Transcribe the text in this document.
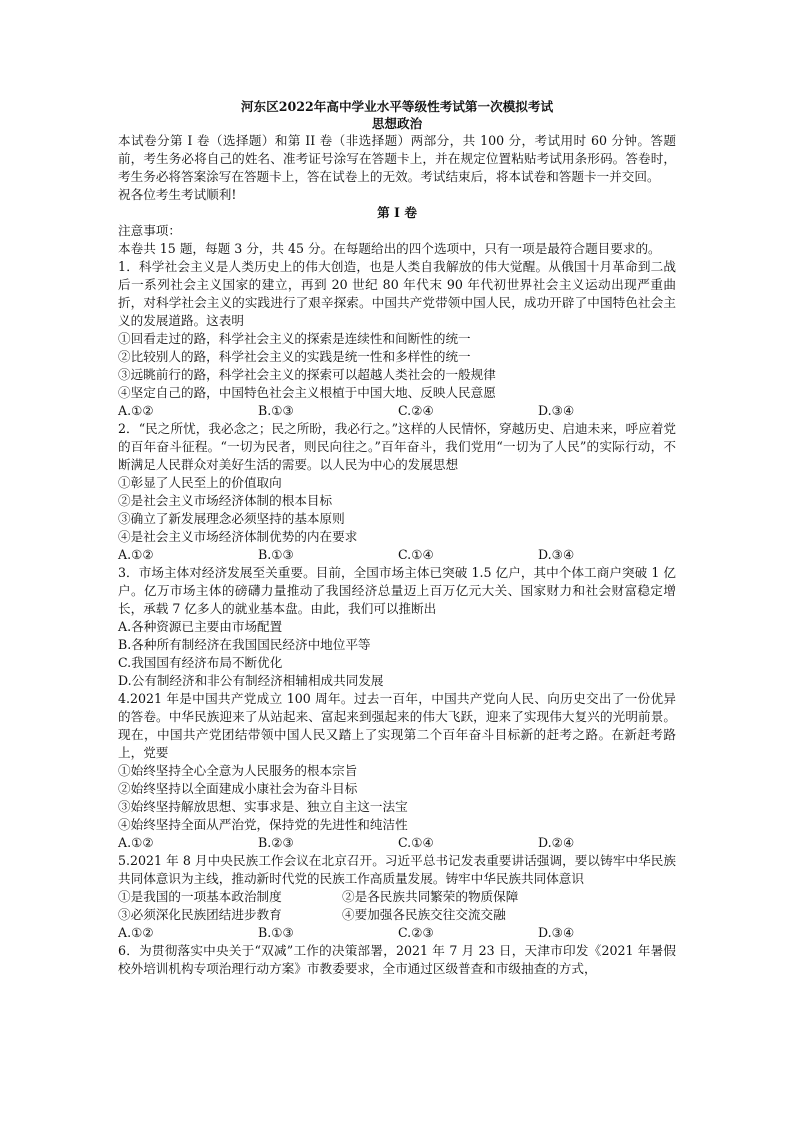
河东区2022年高中学业水平等级性考试第一次模拟考试

思想政治

本试卷分第 I 卷（选择题）和第 II 卷（非选择题）两部分，共 100 分，考试用时 60 分钟。答题前，考生务必将自己的姓名、准考证号涂写在答题卡上，并在规定位置粘贴考试用条形码。答卷时，考生务必将答案涂写在答题卡上，答在试卷上的无效。考试结束后，将本试卷和答题卡一并交回。

祝各位考生考试顺利!

第 I 卷

注意事项：

本卷共 15 题，每题 3 分，共 45 分。在每题给出的四个选项中，只有一项是最符合题目要求的。

1．科学社会主义是人类历史上的伟大创造，也是人类自我解放的伟大觉醒。从俄国十月革命到二战后一系列社会主义国家的建立，再到 20 世纪 80 年代末 90 年代初世界社会主义运动出现严重曲折，对科学社会主义的实践进行了艰辛探索。中国共产党带领中国人民，成功开辟了中国特色社会主义的发展道路。这表明

①回看走过的路，科学社会主义的探索是连续性和间断性的统一

②比较别人的路，科学社会主义的实践是统一性和多样性的统一

③远眺前行的路，科学社会主义的探索可以超越人类社会的一般规律

④坚定自己的路，中国特色社会主义根植于中国大地、反映人民意愿

A.①②	B.①③	C.②④	D.③④

2．“民之所忧，我必念之；民之所盼，我必行之。”这样的人民情怀，穿越历史、启迪未来，呼应着党的百年奋斗征程。“一切为民者，则民向往之。”百年奋斗，我们党用“一切为了人民”的实际行动，不断满足人民群众对美好生活的需要。以人民为中心的发展思想

①彰显了人民至上的价值取向

②是社会主义市场经济体制的根本目标

③确立了新发展理念必须坚持的基本原则

④是社会主义市场经济体制优势的内在要求

A.①②	B.①③	C.①④	D.③④

3．市场主体对经济发展至关重要。目前，全国市场主体已突破 1.5 亿户，其中个体工商户突破 1 亿户。亿万市场主体的磅礴力量推动了我国经济总量迈上百万亿元大关、国家财力和社会财富稳定增长，承载 7 亿多人的就业基本盘。由此，我们可以推断出

A.各种资源已主要由市场配置

B.各种所有制经济在我国国民经济中地位平等

C.我国国有经济布局不断优化

D.公有制经济和非公有制经济相辅相成共同发展

4.2021 年是中国共产党成立 100 周年。过去一百年，中国共产党向人民、向历史交出了一份优异的答卷。中华民族迎来了从站起来、富起来到强起来的伟大飞跃，迎来了实现伟大复兴的光明前景。现在，中国共产党团结带领中国人民又踏上了实现第二个百年奋斗目标新的赶考之路。在新赶考路上，党要

①始终坚持全心全意为人民服务的根本宗旨

②始终坚持以全面建成小康社会为奋斗目标

③始终坚持解放思想、实事求是、独立自主这一法宝

④始终坚持全面从严治党，保持党的先进性和纯洁性

A.①②	B.②③	C.①④	D.②④

5.2021 年 8 月中央民族工作会议在北京召开。习近平总书记发表重要讲话强调，要以铸牢中华民族共同体意识为主线，推动新时代党的民族工作高质量发展。铸牢中华民族共同体意识

①是我国的一项基本政治制度	②是各民族共同繁荣的物质保障
③必须深化民族团结进步教育	④要加强各民族交往交流交融
A.①②	B.①③	C.②③	D.③④

6．为贯彻落实中央关于“双减”工作的决策部署，2021 年 7 月 23 日，天津市印发《2021 年暑假校外培训机构专项治理行动方案》市教委要求，全市通过区级普查和市级抽查的方式，
